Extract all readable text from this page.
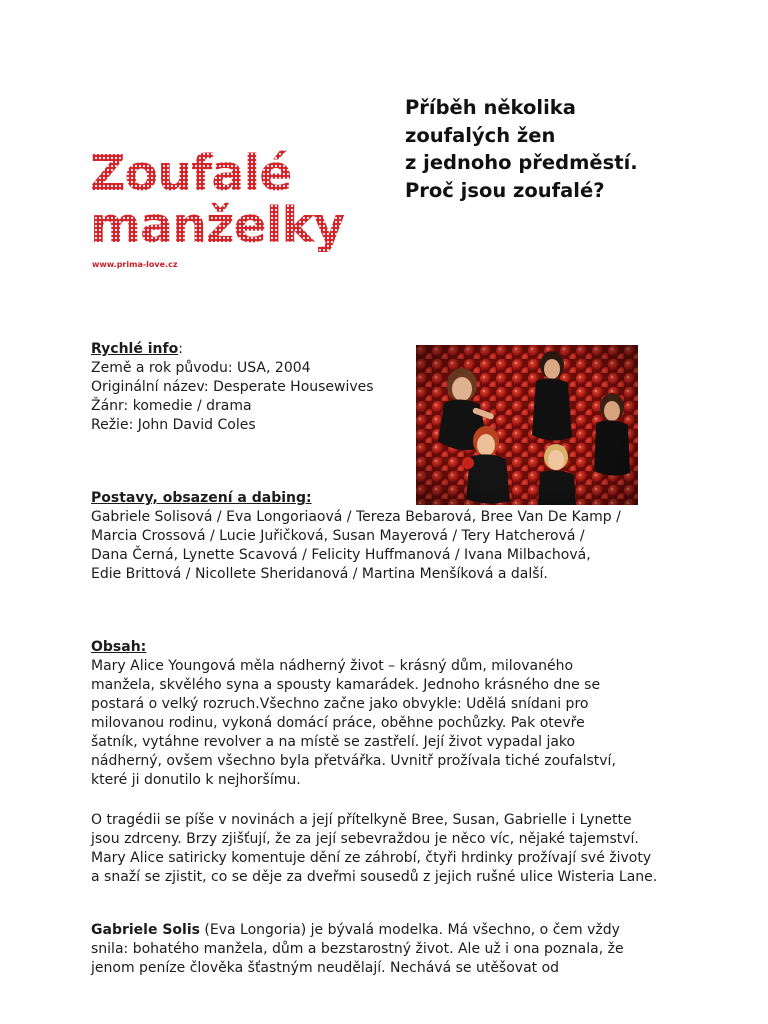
Zoufalé
manželky
www.prima-love.cz
Příběh několika
zoufalých žen
z jednoho předměstí.
Proč jsou zoufalé?

Rychlé info:

Země a rok původu: USA, 2004
Originální název: Desperate Housewives
Žánr: komedie / drama
Režie: John David Coles
Postavy, obsazení a dabing:
Gabriele Solisová / Eva Longoriaová / Tereza Bebarová, Bree Van De Kamp /
Marcia Crossová / Lucie Juřičková, Susan Mayerová / Tery Hatcherová /
Dana Černá, Lynette Scavová / Felicity Huffmanová / Ivana Milbachová,
Edie Brittová / Nicollete Sheridanová / Martina Menšíková a další.
Obsah:
Mary Alice Youngová měla nádherný život – krásný dům, milovaného
manžela, skvělého syna a spousty kamarádek. Jednoho krásného dne se
postará o velký rozruch.Všechno začne jako obvykle: Udělá snídani pro
milovanou rodinu, vykoná domácí práce, oběhne pochůzky. Pak otevře
šatník, vytáhne revolver a na místě se zastřelí. Její život vypadal jako
nádherný, ovšem všechno byla přetvářka. Uvnitř prožívala tiché zoufalství,
které ji donutilo k nejhoršímu.
O tragédii se píše v novinách a její přítelkyně Bree, Susan, Gabrielle i Lynette
jsou zdrceny. Brzy zjišťují, že za její sebevraždou je něco víc, nějaké tajemství.
Mary Alice satiricky komentuje dění ze záhrobí, čtyři hrdinky prožívají své životy
a snaží se zjistit, co se děje za dveřmi sousedů z jejich rušné ulice Wisteria Lane.

Gabriele Solis (Eva Longoria) je bývalá modelka. Má všechno, o čem vždy

snila: bohatého manžela, dům a bezstarostný život. Ale už i ona poznala, že
jenom peníze člověka šťastným neudělají. Nechává se utěšovat od
